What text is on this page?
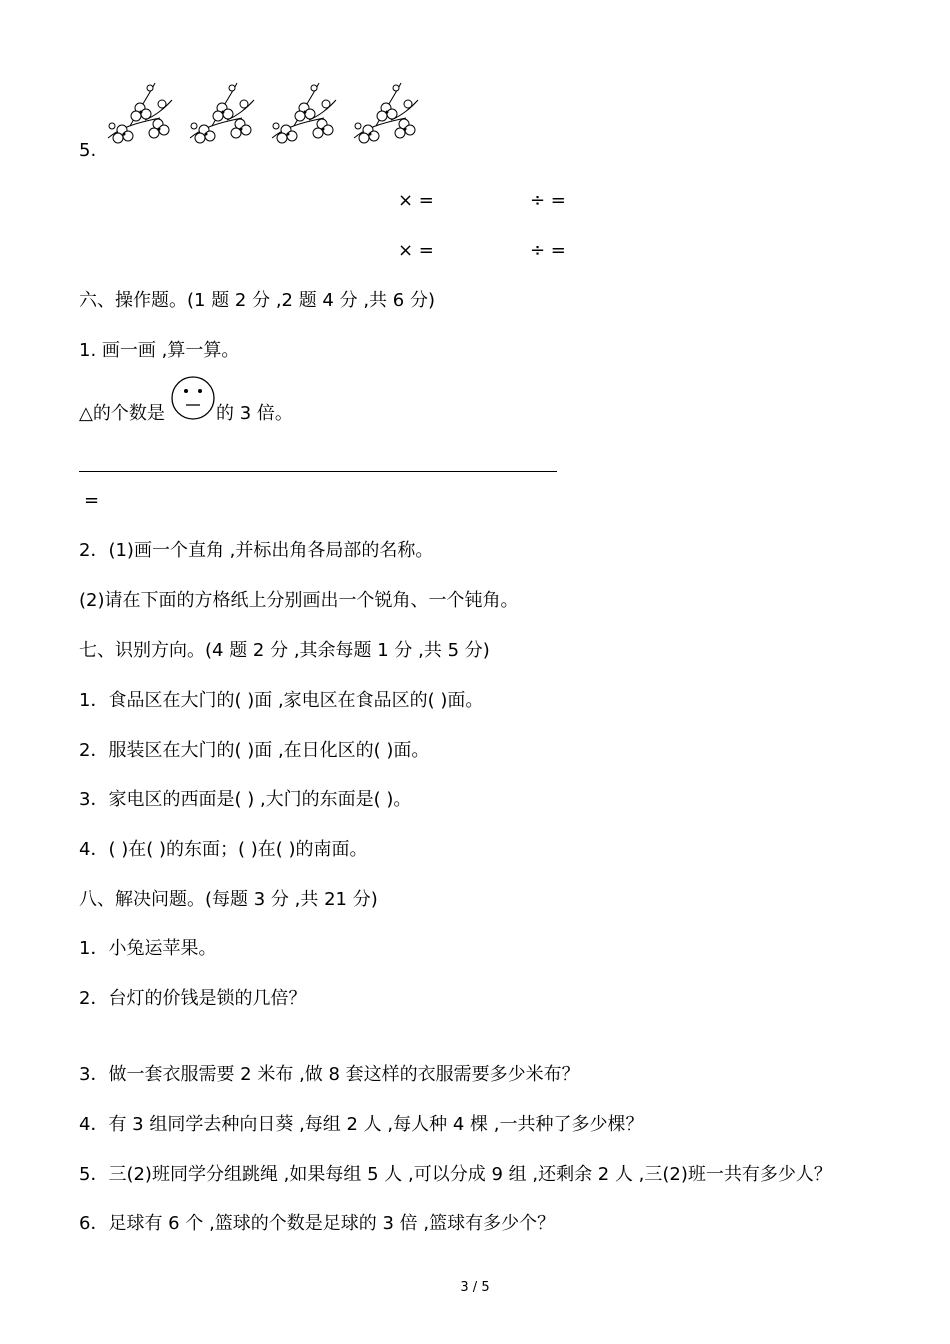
5.
× =	÷ =
× =	÷ =
六、操作题。(1 题 2 分 ,2 题 4 分 ,共 6 分)
1. 画一画 ,算一算。
△的个数是	的 3 倍。
=
2．(1)画一个直角 ,并标出角各局部的名称。
(2)请在下面的方格纸上分别画出一个锐角、一个钝角。
七、识别方向。(4 题 2 分 ,其余每题 1 分 ,共 5 分)
1．食品区在大门的( )面 ,家电区在食品区的( )面。
2．服装区在大门的( )面 ,在日化区的( )面。
3．家电区的西面是( ) ,大门的东面是( )。
4．( )在( )的东面；( )在( )的南面。
八、解决问题。(每题 3 分 ,共 21 分)
1．小兔运苹果。
2．台灯的价钱是锁的几倍？
3．做一套衣服需要 2 米布 ,做 8 套这样的衣服需要多少米布？
4．有 3 组同学去种向日葵 ,每组 2 人 ,每人种 4 棵 ,一共种了多少棵？
5．三(2)班同学分组跳绳 ,如果每组 5 人 ,可以分成 9 组 ,还剩余 2 人 ,三(2)班一共有多少人？
6．足球有 6 个 ,篮球的个数是足球的 3 倍 ,篮球有多少个？
3 / 5
